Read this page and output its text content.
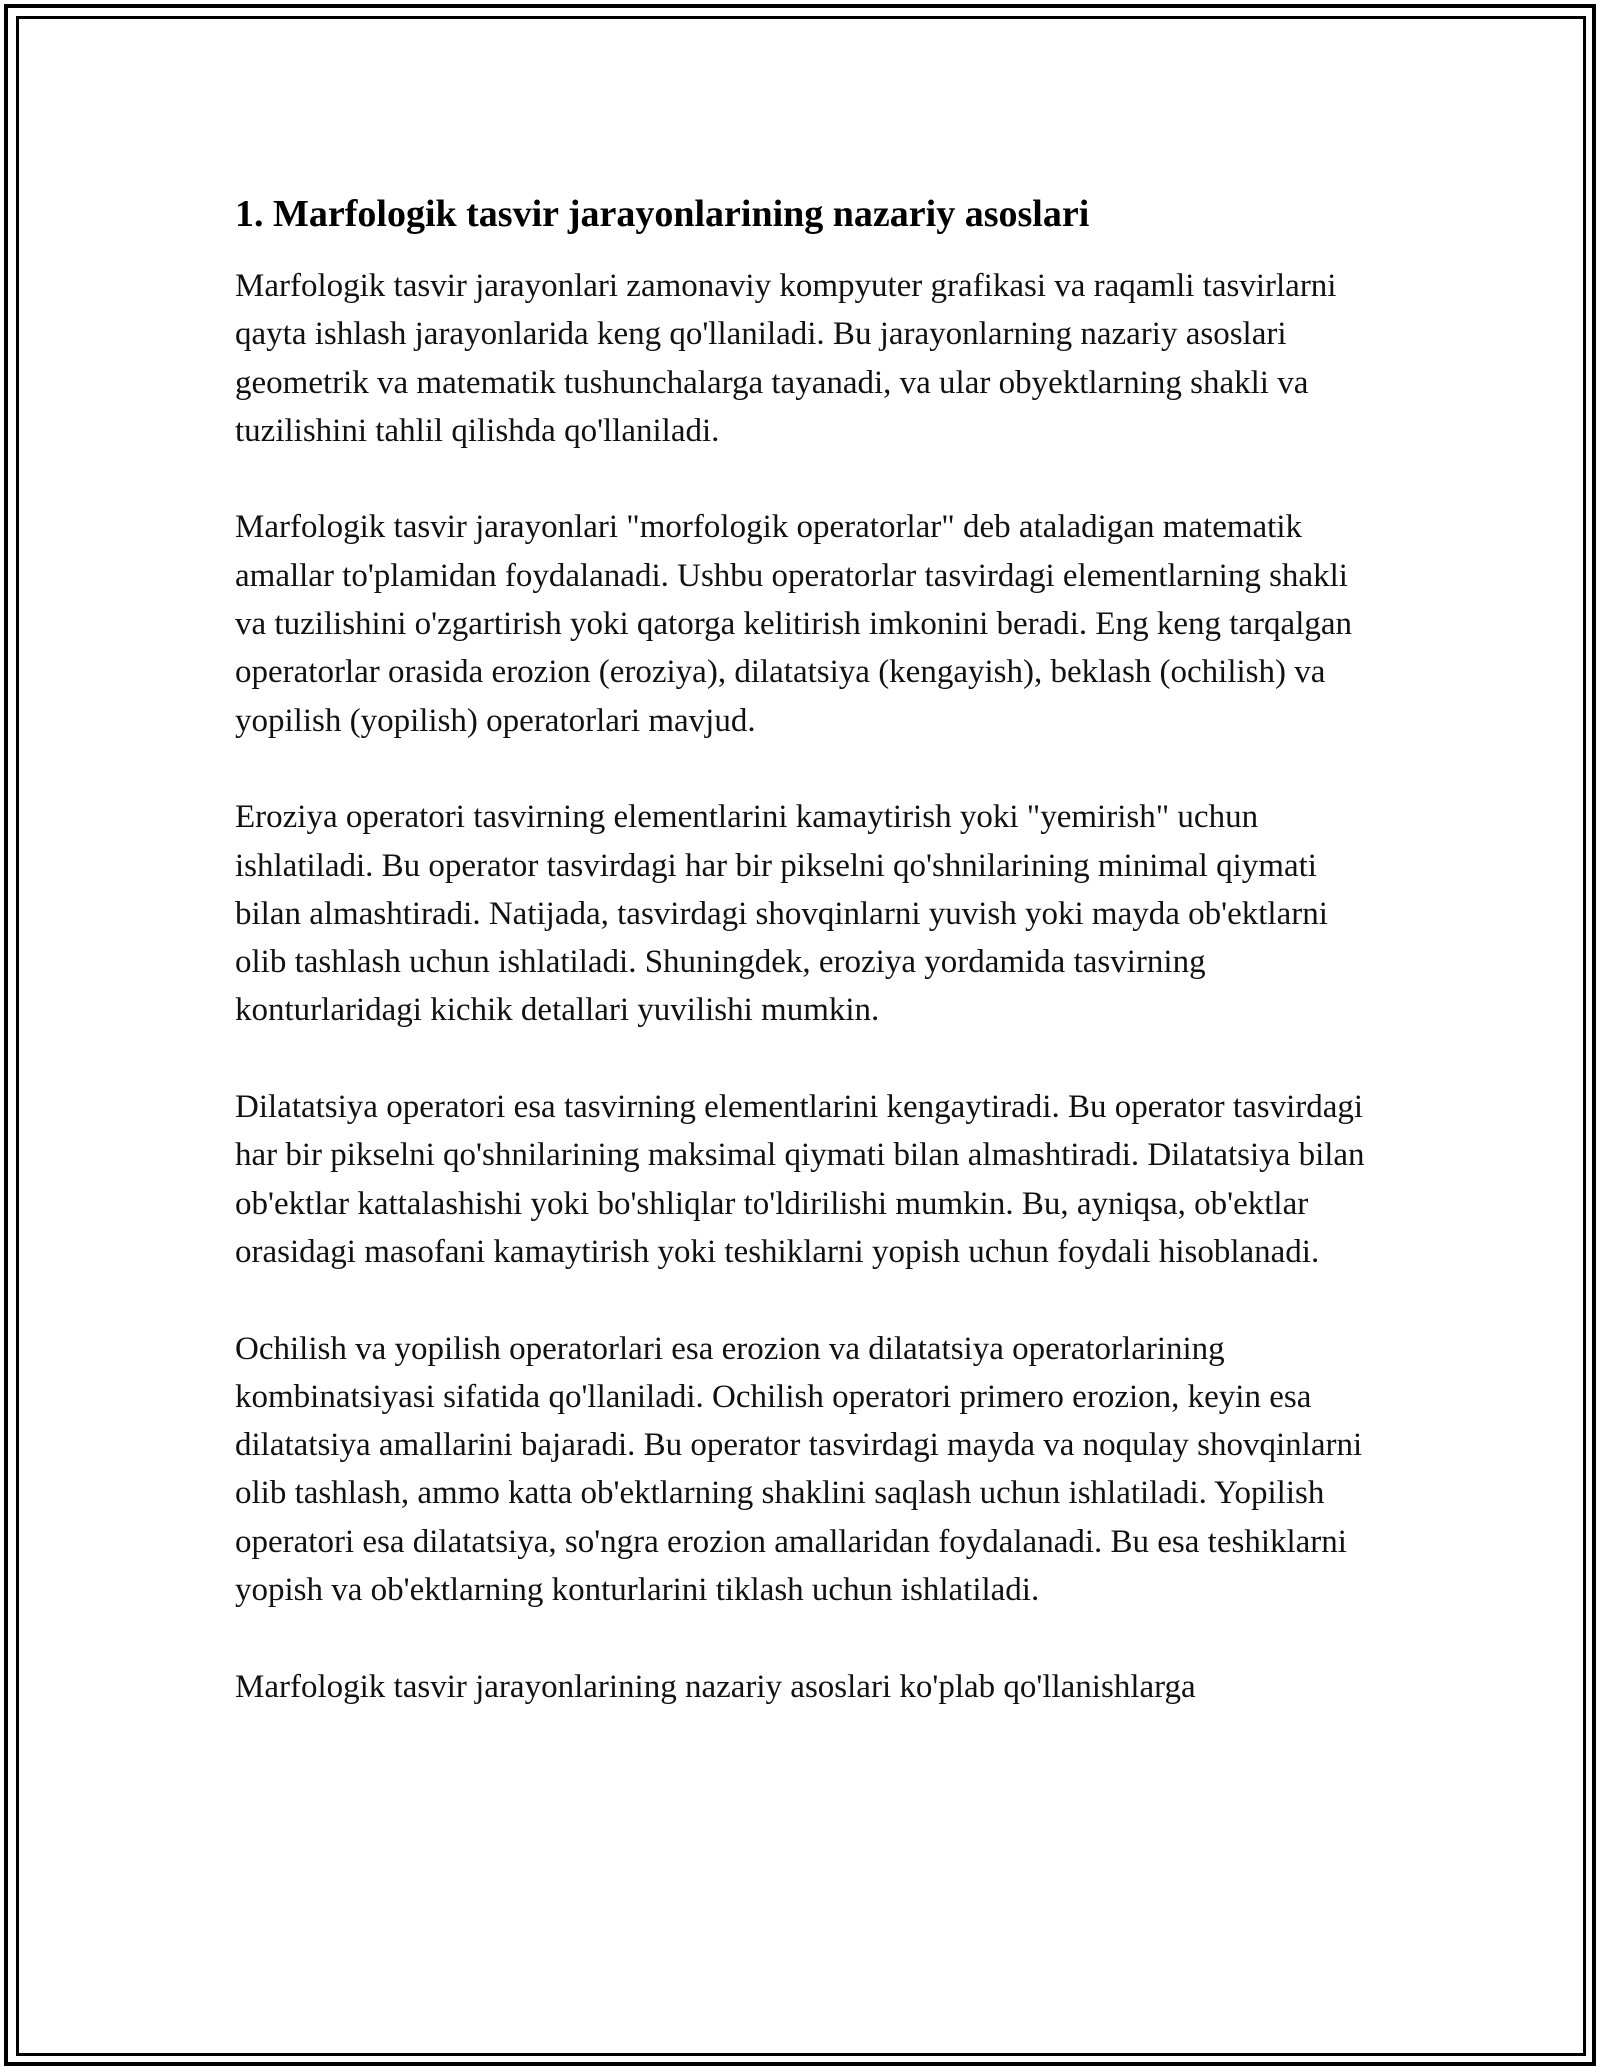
1. Marfologik tasvir jarayonlarining nazariy asoslari

Marfologik tasvir jarayonlari zamonaviy kompyuter grafikasi va raqamli tasvirlarni qayta ishlash jarayonlarida keng qo'llaniladi. Bu jarayonlarning nazariy asoslari geometrik va matematik tushunchalarga tayanadi, va ular obyektlarning shakli va tuzilishini tahlil qilishda qo'llaniladi.

Marfologik tasvir jarayonlari "morfologik operatorlar" deb ataladigan matematik amallar to'plamidan foydalanadi. Ushbu operatorlar tasvirdagi elementlarning shakli va tuzilishini o'zgartirish yoki qatorga kelitirish imkonini beradi. Eng keng tarqalgan operatorlar orasida erozion (eroziya), dilatatsiya (kengayish), beklash (ochilish) va yopilish (yopilish) operatorlari mavjud.

Eroziya operatori tasvirning elementlarini kamaytirish yoki "yemirish" uchun ishlatiladi. Bu operator tasvirdagi har bir pikselni qo'shnilarining minimal qiymati bilan almashtiradi. Natijada, tasvirdagi shovqinlarni yuvish yoki mayda ob'ektlarni olib tashlash uchun ishlatiladi. Shuningdek, eroziya yordamida tasvirning konturlaridagi kichik detallari yuvilishi mumkin.

Dilatatsiya operatori esa tasvirning elementlarini kengaytiradi. Bu operator tasvirdagi har bir pikselni qo'shnilarining maksimal qiymati bilan almashtiradi. Dilatatsiya bilan ob'ektlar kattalashishi yoki bo'shliqlar to'ldirilishi mumkin. Bu, ayniqsa, ob'ektlar orasidagi masofani kamaytirish yoki teshiklarni yopish uchun foydali hisoblanadi.

Ochilish va yopilish operatorlari esa erozion va dilatatsiya operatorlarining kombinatsiyasi sifatida qo'llaniladi. Ochilish operatori primero erozion, keyin esa dilatatsiya amallarini bajaradi. Bu operator tasvirdagi mayda va noqulay shovqinlarni olib tashlash, ammo katta ob'ektlarning shaklini saqlash uchun ishlatiladi. Yopilish operatori esa dilatatsiya, so'ngra erozion amallaridan foydalanadi. Bu esa teshiklarni yopish va ob'ektlarning konturlarini tiklash uchun ishlatiladi.

Marfologik tasvir jarayonlarining nazariy asoslari ko'plab qo'llanishlarga
